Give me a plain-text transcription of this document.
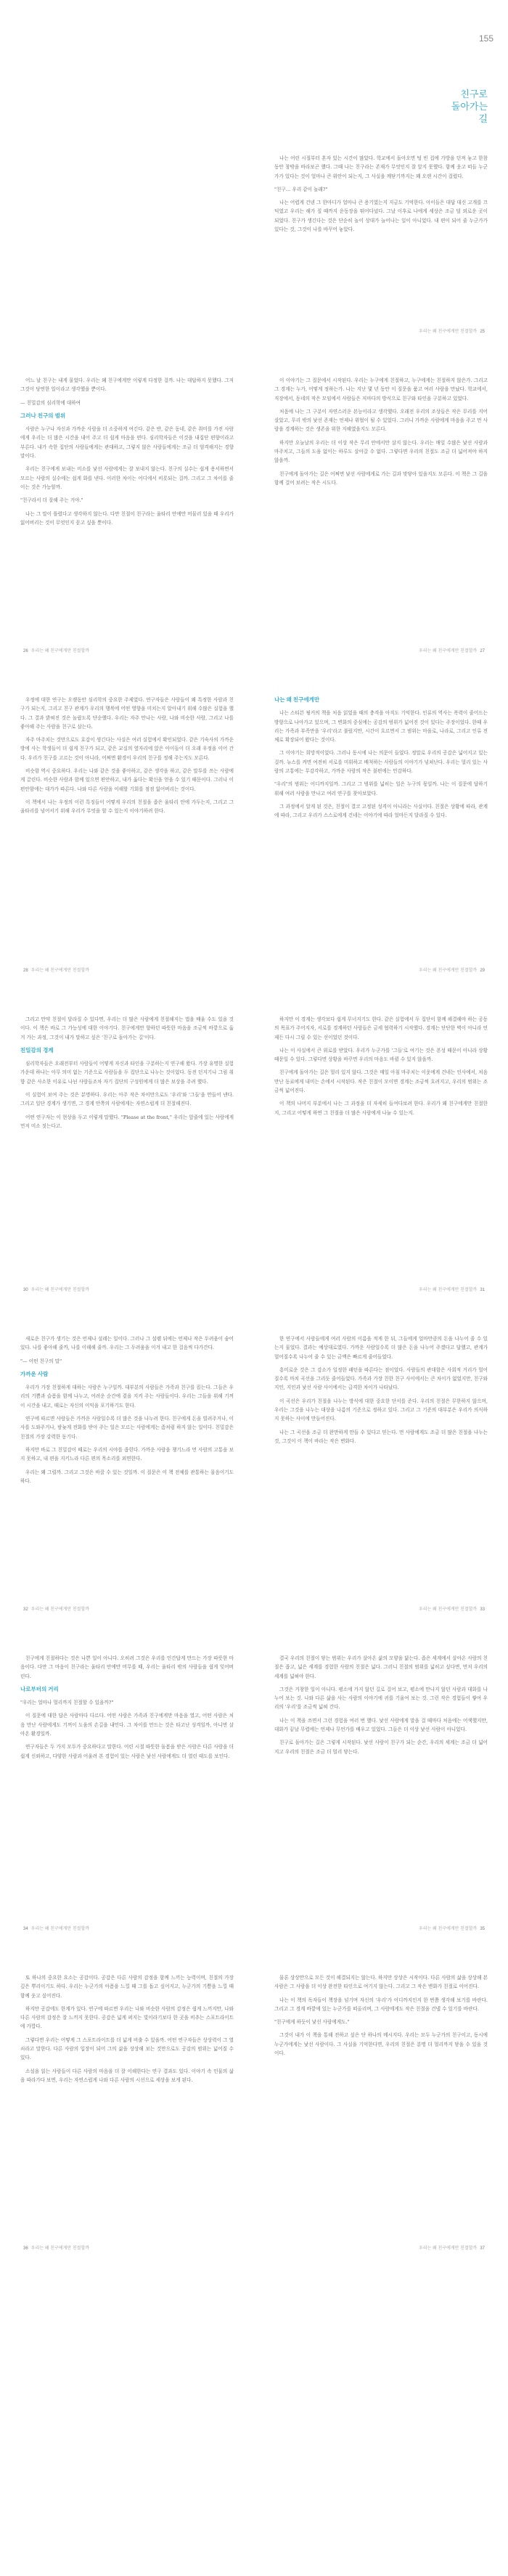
155
친구로
돌아가는
길

나는 어린 시절부터 혼자 있는 시간이 많았다. 학교에서 돌아오면 텅 빈 집에 가방을 던져 놓고 한참 동안 창밖을 바라보곤 했다. 그때 나는 친구라는 존재가 무엇인지 잘 알지 못했다. 함께 웃고 떠들 누군가가 있다는 것이 얼마나 큰 위안이 되는지, 그 사실을 깨닫기까지는 꽤 오랜 시간이 걸렸다.

"친구… 우리 같이 놀래?"

나는 어렵게 건넨 그 한마디가 얼마나 큰 용기였는지 지금도 기억한다. 아이들은 대답 대신 고개를 끄덕였고 우리는 해가 질 때까지 운동장을 뛰어다녔다. 그날 이후로 나에게 세상은 조금 덜 외로운 곳이 되었다. 친구가 생긴다는 것은 단순히 놀이 상대가 늘어나는 일이 아니었다. 내 편이 되어 줄 누군가가 있다는 것, 그것이 나를 바꾸어 놓았다.

우리는 왜 친구에게만 친절할까 25

어느 날 친구는 내게 물었다. 우리는 왜 친구에게만 이렇게 다정한 걸까. 나는 대답하지 못했다. 그저 그것이 당연한 일이라고 생각했을 뿐이다.

— 친밀감의 심리학에 대하여

그러나 친구의 범위

사람은 누구나 자신과 가까운 사람을 더 소중하게 여긴다. 같은 반, 같은 동네, 같은 취미를 가진 사람에게 우리는 더 많은 시간을 내어 주고 더 쉽게 마음을 연다. 심리학자들은 이것을 내집단 편향이라고 부른다. 내가 속한 집단의 사람들에게는 관대하고, 그렇지 않은 사람들에게는 조금 더 엄격해지는 경향 말이다.

우리는 친구에게 보내는 미소를 낯선 사람에게는 잘 보내지 않는다. 친구의 실수는 쉽게 용서하면서 모르는 사람의 실수에는 쉽게 화를 낸다. 이러한 차이는 어디에서 비롯되는 걸까. 그리고 그 차이를 줄이는 것은 가능할까.

"친구라서 더 잘해 주는 거야."

나는 그 말이 틀렸다고 생각하지 않는다. 다만 친절이 친구라는 울타리 안에만 머물러 있을 때 우리가 잃어버리는 것이 무엇인지 묻고 싶을 뿐이다.

26 우리는 왜 친구에게만 친절할까

이 이야기는 그 질문에서 시작된다. 우리는 누구에게 친절하고, 누구에게는 친절하지 않은가. 그리고 그 경계는 누가, 어떻게 정하는가. 나는 지난 몇 년 동안 이 질문을 품고 여러 사람을 만났다. 학교에서, 직장에서, 동네의 작은 모임에서 사람들은 저마다의 방식으로 친구와 타인을 구분하고 있었다.

처음에 나는 그 구분이 자연스러운 본능이라고 생각했다. 오래전 우리의 조상들은 작은 무리를 지어 살았고, 무리 밖의 낯선 존재는 언제나 위협이 될 수 있었다. 그러니 가까운 사람에게 마음을 주고 먼 사람을 경계하는 것은 생존을 위한 지혜였을지도 모른다.

하지만 오늘날의 우리는 더 이상 작은 무리 안에서만 살지 않는다. 우리는 매일 수많은 낯선 사람과 마주치고, 그들의 도움 없이는 하루도 살아갈 수 없다. 그렇다면 우리의 친절도 조금 더 넓어져야 하지 않을까.

친구에게 돌아가는 길은 어쩌면 낯선 사람에게로 가는 길과 맞닿아 있을지도 모른다. 이 책은 그 길을 함께 걸어 보려는 작은 시도다.

우리는 왜 친구에게만 친절할까 27

우정에 대한 연구는 오랫동안 심리학의 중요한 주제였다. 연구자들은 사람들이 왜 특정한 사람과 친구가 되는지, 그리고 친구 관계가 우리의 행복에 어떤 영향을 미치는지 알아내기 위해 수많은 실험을 했다. 그 결과 밝혀진 것은 놀랍도록 단순했다. 우리는 자주 만나는 사람, 나와 비슷한 사람, 그리고 나를 좋아해 주는 사람을 친구로 삼는다.

자주 마주치는 것만으로도 호감이 생긴다는 사실은 여러 실험에서 확인되었다. 같은 기숙사의 가까운 방에 사는 학생들이 더 쉽게 친구가 되고, 같은 교실의 옆자리에 앉은 아이들이 더 오래 우정을 이어 간다. 우리가 친구를 고르는 것이 아니라, 어쩌면 환경이 우리의 친구를 정해 주는지도 모른다.

비슷함 역시 중요하다. 우리는 나와 같은 것을 좋아하고, 같은 생각을 하고, 같은 말투를 쓰는 사람에게 끌린다. 비슷한 사람과 함께 있으면 편안하고, 내가 옳다는 확신을 얻을 수 있기 때문이다. 그러나 이 편안함에는 대가가 따른다. 나와 다른 사람을 이해할 기회를 점점 잃어버리는 것이다.

이 책에서 나는 우정의 이런 특징들이 어떻게 우리의 친절을 좁은 울타리 안에 가두는지, 그리고 그 울타리를 넘어서기 위해 우리가 무엇을 할 수 있는지 이야기하려 한다.

28 우리는 왜 친구에게만 친절할까

나는 왜 친구에게만

나는 스티븐 핑커의 책을 처음 읽었을 때의 충격을 아직도 기억한다. 인류의 역사는 폭력이 줄어드는 방향으로 나아가고 있으며, 그 변화의 중심에는 공감의 범위가 넓어진 것이 있다는 주장이었다. 한때 우리는 가족과 부족만을 '우리'라고 불렀지만, 시간이 흐르면서 그 범위는 마을로, 나라로, 그리고 인류 전체로 확장되어 왔다는 것이다.

그 이야기는 희망적이었다. 그러나 동시에 나는 의문이 들었다. 정말로 우리의 공감은 넓어지고 있는 걸까. 뉴스를 켜면 여전히 서로를 미워하고 배척하는 사람들의 이야기가 넘쳐난다. 우리는 멀리 있는 사람의 고통에는 무감각하고, 가까운 사람의 작은 불편에는 민감하다.

"우리"의 범위는 어디까지일까. 그리고 그 범위를 넓히는 일은 누구의 몫일까. 나는 이 질문에 답하기 위해 여러 사람을 만나고 여러 연구를 찾아보았다.

그 과정에서 알게 된 것은, 친절이 결코 고정된 성격이 아니라는 사실이다. 친절은 상황에 따라, 관계에 따라, 그리고 우리가 스스로에게 건네는 이야기에 따라 얼마든지 달라질 수 있다.

우리는 왜 친구에게만 친절할까 29

그리고 만약 친절이 달라질 수 있다면, 우리는 더 많은 사람에게 친절해지는 법을 배울 수도 있을 것이다. 이 책은 바로 그 가능성에 대한 이야기다. 친구에게만 향하던 따뜻한 마음을 조금씩 바깥으로 옮겨 가는 과정, 그것이 내가 말하고 싶은 '친구로 돌아가는 길'이다.

친밀감의 경계

심리학자들은 오래전부터 사람들이 어떻게 자신과 타인을 구분하는지 연구해 왔다. 가장 유명한 실험 가운데 하나는 아무 의미 없는 기준으로 사람들을 두 집단으로 나누는 것이었다. 동전 던지기나 그림 취향 같은 사소한 이유로 나뉜 사람들조차 자기 집단의 구성원에게 더 많은 보상을 주려 했다.

이 실험이 보여 주는 것은 분명하다. 우리는 아주 작은 차이만으로도 '우리'와 '그들'을 만들어 낸다. 그리고 일단 경계가 생기면, 그 경계 안쪽의 사람에게는 자연스럽게 더 친절해진다.

어떤 연구자는 이 현상을 두고 이렇게 말했다. "Please at the front," 우리는 앞줄에 있는 사람에게 먼저 미소 짓는다고.

30 우리는 왜 친구에게만 친절할까

하지만 이 경계는 생각보다 쉽게 무너지기도 한다. 같은 실험에서 두 집단이 함께 해결해야 하는 공동의 목표가 주어지자, 서로를 경계하던 사람들은 금세 협력하기 시작했다. 경계는 단단한 벽이 아니라 언제든 다시 그릴 수 있는 선이었던 것이다.

나는 이 사실에서 큰 위로를 받았다. 우리가 누군가를 '그들'로 여기는 것은 본성 때문이 아니라 상황 때문일 수 있다. 그렇다면 상황을 바꾸면 우리의 마음도 바뀔 수 있지 않을까.

친구에게 돌아가는 길은 멀리 있지 않다. 그것은 매일 아침 마주치는 이웃에게 건네는 인사에서, 처음 만난 동료에게 내미는 손에서 시작된다. 작은 친절이 모이면 경계는 조금씩 흐려지고, 우리의 범위는 조금씩 넓어진다.

이 책의 나머지 부분에서 나는 그 과정을 더 자세히 들여다보려 한다. 우리가 왜 친구에게만 친절한지, 그리고 어떻게 하면 그 친절을 더 많은 사람에게 나눌 수 있는지.

우리는 왜 친구에게만 친절할까 31

새로운 친구가 생기는 것은 언제나 설레는 일이다. 그러나 그 설렘 뒤에는 언제나 작은 두려움이 숨어 있다. 나를 좋아해 줄까, 나를 이해해 줄까. 우리는 그 두려움을 이겨 내고 한 걸음씩 다가간다.

"— 어떤 친구의 말"

가까운 사람

우리가 가장 친절하게 대하는 사람은 누구일까. 대부분의 사람들은 가족과 친구를 꼽는다. 그들은 우리의 기쁨과 슬픔을 함께 나누고, 어려운 순간에 곁을 지켜 주는 사람들이다. 우리는 그들을 위해 기꺼이 시간을 내고, 때로는 자신의 이익을 포기하기도 한다.

연구에 따르면 사람들은 가까운 사람일수록 더 많은 것을 나누려 한다. 친구에게 돈을 빌려주거나, 이사를 도와주거나, 밤늦게 전화를 받아 주는 일은 모르는 사람에게는 좀처럼 하지 않는 일이다. 친밀감은 친절의 가장 강력한 동기다.

하지만 바로 그 친밀감이 때로는 우리의 시야를 좁힌다. 가까운 사람을 챙기느라 먼 사람의 고통을 보지 못하고, 내 편을 지키느라 다른 편의 목소리를 외면한다.

우리는 왜 그럴까. 그리고 그것은 바꿀 수 있는 것일까. 이 질문은 이 책 전체를 관통하는 물음이기도 하다.

32 우리는 왜 친구에게만 친절할까

한 연구에서 사람들에게 여러 사람의 이름을 적게 한 뒤, 그들에게 얼마만큼의 돈을 나누어 줄 수 있는지 물었다. 결과는 예상대로였다. 가까운 사람일수록 더 많은 돈을 나누어 주겠다고 답했고, 관계가 멀어질수록 나누어 줄 수 있는 금액은 빠르게 줄어들었다.

흥미로운 것은 그 감소가 일정한 패턴을 따른다는 점이었다. 사람들의 관대함은 사회적 거리가 멀어질수록 마치 곡선을 그리듯 줄어들었다. 가족과 가장 친한 친구 사이에서는 큰 차이가 없었지만, 친구와 지인, 지인과 낯선 사람 사이에서는 급격한 차이가 나타났다.

이 곡선은 우리가 친절을 나누는 방식에 대한 중요한 단서를 준다. 우리의 친절은 무한하지 않으며, 우리는 그것을 나누는 대상을 나름의 기준으로 정하고 있다. 그리고 그 기준의 대부분은 우리가 의식하지 못하는 사이에 만들어진다.

나는 그 곡선을 조금 더 완만하게 만들 수 있다고 믿는다. 먼 사람에게도 조금 더 많은 친절을 나누는 것, 그것이 이 책이 바라는 작은 변화다.

우리는 왜 친구에게만 친절할까 33

친구에게 친절하다는 것은 나쁜 일이 아니다. 오히려 그것은 우리를 인간답게 만드는 가장 따뜻한 마음이다. 다만 그 마음이 친구라는 울타리 안에만 머무를 때, 우리는 울타리 밖의 사람들을 쉽게 잊어버린다.

나로부터의 거리

"우리는 얼마나 멀리까지 친절할 수 있을까?"

이 질문에 대한 답은 사람마다 다르다. 어떤 사람은 가족과 친구에게만 마음을 열고, 어떤 사람은 처음 만난 사람에게도 기꺼이 도움의 손길을 내민다. 그 차이를 만드는 것은 타고난 성격일까, 아니면 살아온 환경일까.

연구자들은 두 가지 모두가 중요하다고 말한다. 어린 시절 따뜻한 돌봄을 받은 사람은 다른 사람을 더 쉽게 신뢰하고, 다양한 사람과 어울려 본 경험이 있는 사람은 낯선 사람에게도 더 열린 태도를 보인다.

34 우리는 왜 친구에게만 친절할까

결국 우리의 친절이 닿는 범위는 우리가 살아온 삶의 모양을 닮는다. 좁은 세계에서 살아온 사람의 친절은 좁고, 넓은 세계를 경험한 사람의 친절은 넓다. 그러니 친절의 범위를 넓히고 싶다면, 먼저 우리의 세계를 넓혀야 한다.

그것은 거창한 일이 아니다. 평소에 가지 않던 길로 걸어 보고, 평소에 만나지 않던 사람과 대화를 나누어 보는 것. 나와 다른 삶을 사는 사람의 이야기에 귀를 기울여 보는 것. 그런 작은 경험들이 쌓여 우리의 '우리'를 조금씩 넓혀 간다.

나는 이 책을 쓰면서 그런 경험을 여러 번 했다. 낯선 사람에게 말을 걸 때마다 처음에는 어색했지만, 대화가 끝날 무렵에는 언제나 무언가를 배우고 있었다. 그들은 더 이상 낯선 사람이 아니었다.

친구로 돌아가는 길은 그렇게 시작된다. 낯선 사람이 친구가 되는 순간, 우리의 세계는 조금 더 넓어지고 우리의 친절은 조금 더 멀리 닿는다.

우리는 왜 친구에게만 친절할까 35

또 하나의 중요한 요소는 공감이다. 공감은 다른 사람의 감정을 함께 느끼는 능력이며, 친절의 가장 깊은 뿌리이기도 하다. 우리는 누군가의 아픔을 느낄 때 그를 돕고 싶어지고, 누군가의 기쁨을 느낄 때 함께 웃고 싶어진다.

하지만 공감에도 한계가 있다. 연구에 따르면 우리는 나와 비슷한 사람의 감정은 쉽게 느끼지만, 나와 다른 사람의 감정은 잘 느끼지 못한다. 공감은 넓게 퍼지는 빛이라기보다 한 곳을 비추는 스포트라이트에 가깝다.

그렇다면 우리는 어떻게 그 스포트라이트를 더 넓게 비출 수 있을까. 어떤 연구자들은 상상력이 그 열쇠라고 말한다. 다른 사람의 입장이 되어 그의 삶을 상상해 보는 것만으로도 공감의 범위는 넓어질 수 있다.

소설을 읽는 사람들이 다른 사람의 마음을 더 잘 이해한다는 연구 결과도 있다. 이야기 속 인물의 삶을 따라가다 보면, 우리는 자연스럽게 나와 다른 사람의 시선으로 세상을 보게 된다.

36 우리는 왜 친구에게만 친절할까

물론 상상만으로 모든 것이 해결되지는 않는다. 하지만 상상은 시작이다. 다른 사람의 삶을 상상해 본 사람은 그 사람을 더 이상 완전한 타인으로 여기지 않는다. 그리고 그 작은 변화가 친절로 이어진다.

나는 이 책의 독자들이 책장을 넘기며 자신의 '우리'가 어디까지인지 한 번쯤 생각해 보기를 바란다. 그리고 그 경계 바깥에 있는 누군가를 떠올리며, 그 사람에게도 작은 친절을 건넬 수 있기를 바란다.

"친구에게 하듯이 낯선 사람에게도."

그것이 내가 이 책을 통해 전하고 싶은 단 하나의 메시지다. 우리는 모두 누군가의 친구이고, 동시에 누군가에게는 낯선 사람이다. 그 사실을 기억한다면, 우리의 친절은 분명 더 멀리까지 닿을 수 있을 것이다.

우리는 왜 친구에게만 친절할까 37
